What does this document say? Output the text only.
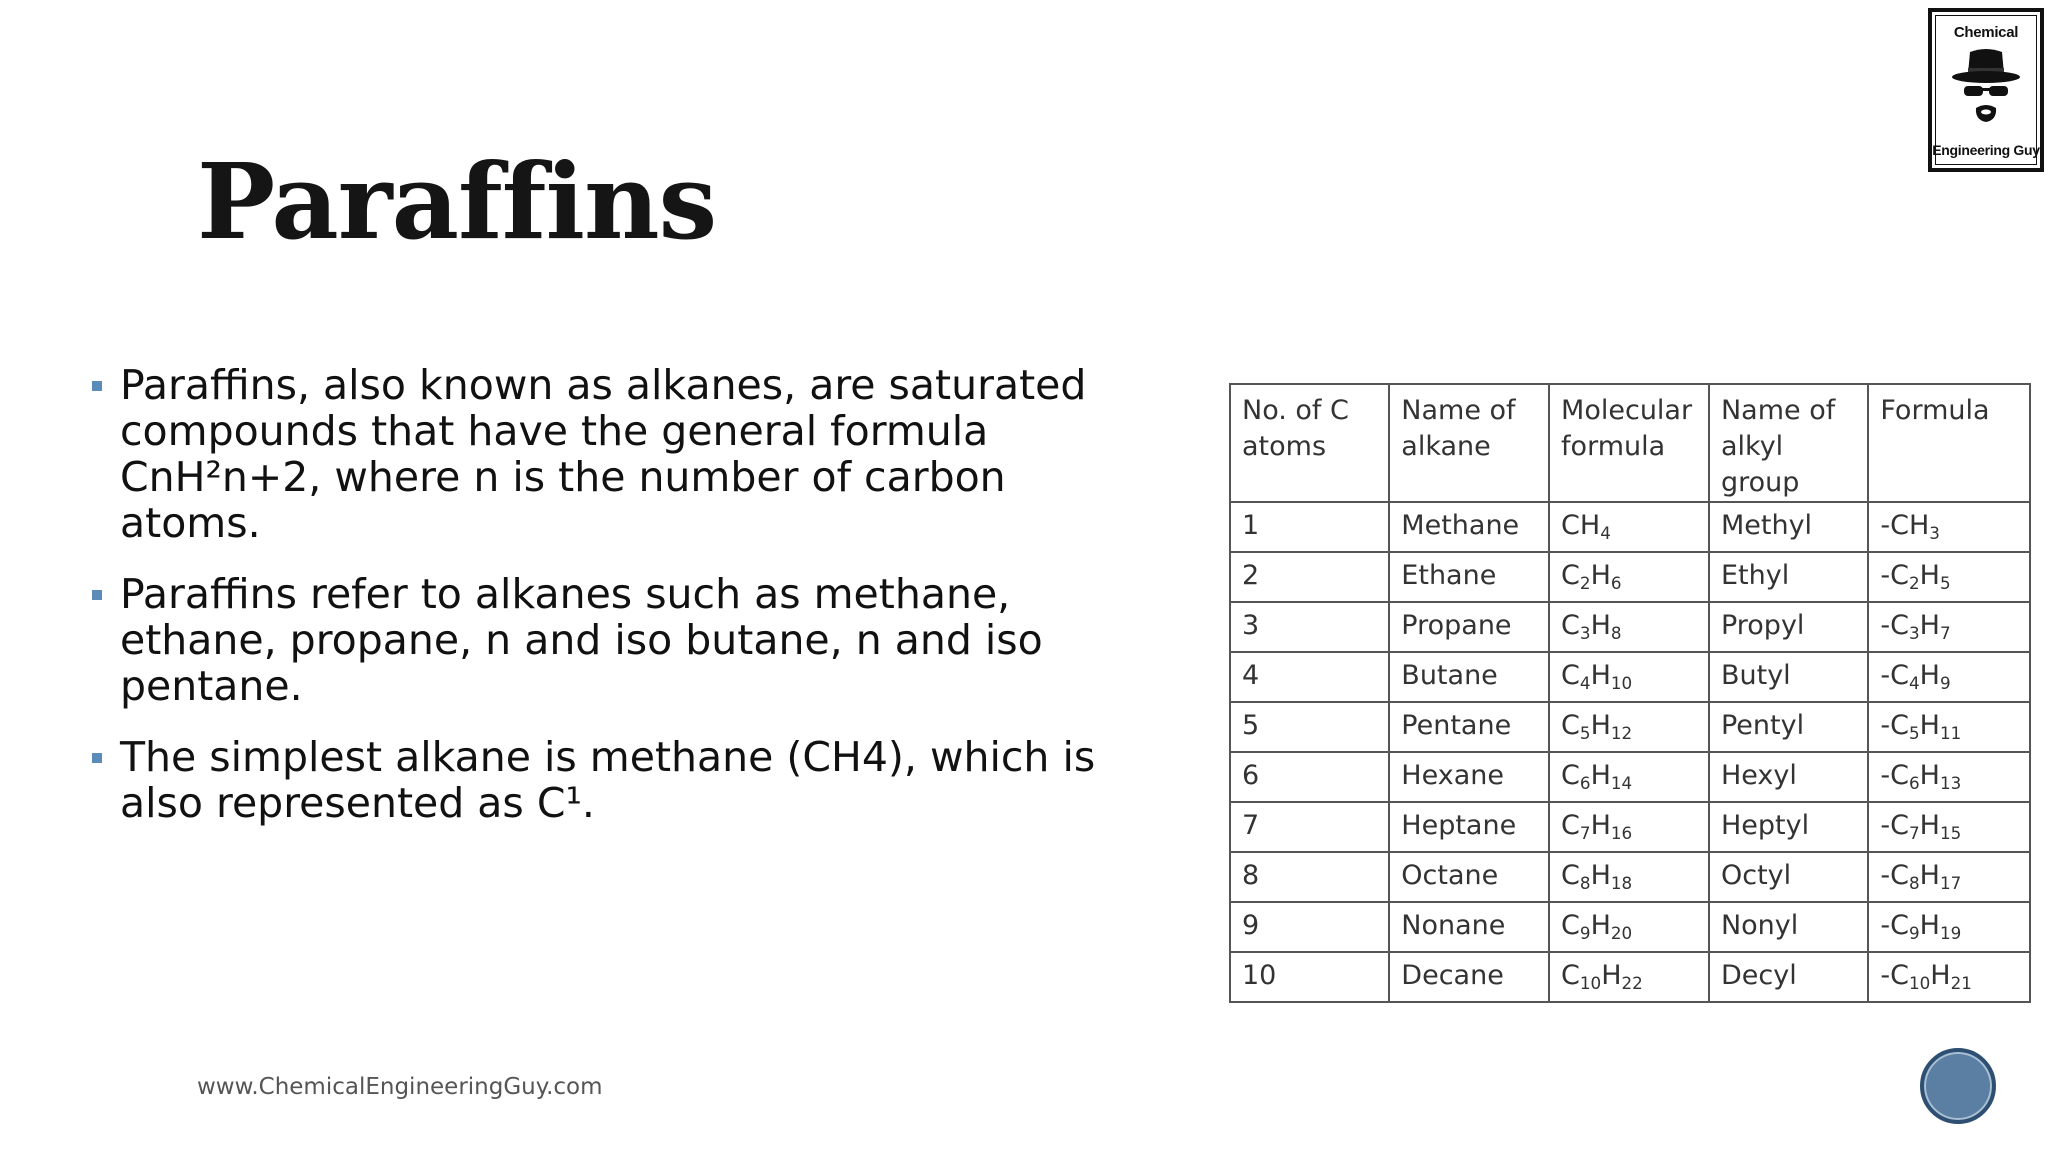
Paraffins
Paraffins, also known as alkanes, are saturated compounds that have the general formula CnH²n+2, where n is the number of carbon atoms.
Paraffins refer to alkanes such as methane, ethane, propane, n and iso butane, n and iso pentane.
The simplest alkane is methane (CH4), which is also represented as C¹.
No. of C atoms	Name of alkane	Molecular formula	Name of alkyl group	Formula
1	Methane	$CH_4$	Methyl	$-CH_3$
2	Ethane	$C_2H_6$	Ethyl	$-C_2H_5$
3	Propane	$C_3H_8$	Propyl	$-C_3H_7$
4	Butane	$C_4H_{10}$	Butyl	$-C_4H_9$
5	Pentane	$C_5H_{12}$	Pentyl	$-C_5H_{11}$
6	Hexane	$C_6H_{14}$	Hexyl	$-C_6H_{13}$
7	Heptane	$C_7H_{16}$	Heptyl	$-C_7H_{15}$
8	Octane	$C_8H_{18}$	Octyl	$-C_8H_{17}$
9	Nonane	$C_9H_{20}$	Nonyl	$-C_9H_{19}$
10	Decane	$C_{10}H_{22}$	Decyl	$-C_{10}H_{21}$
www.ChemicalEngineeringGuy.com
Chemical
Engineering Guy
